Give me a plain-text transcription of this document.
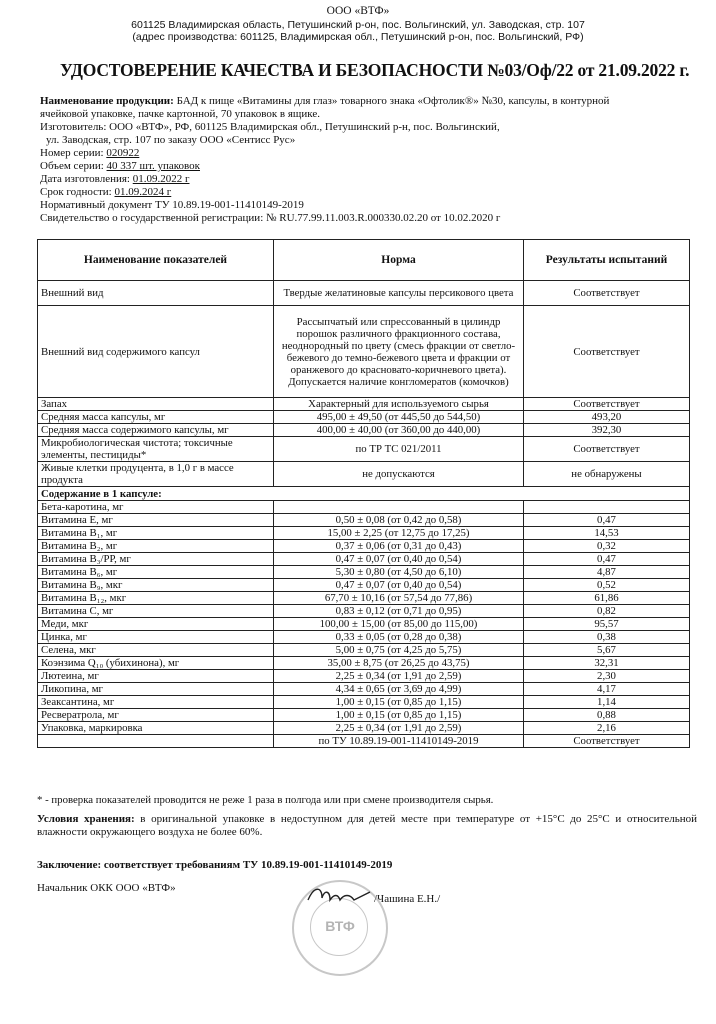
ООО «ВТФ»
601125 Владимирская область, Петушинский р-он, пос. Вольгинский, ул. Заводская, стр. 107
(адрес производства: 601125, Владимирская обл., Петушинский р-он, пос. Вольгинский, РФ)
УДОСТОВЕРЕНИЕ КАЧЕСТВА И БЕЗОПАСНОСТИ №03/Оф/22 от 21.09.2022 г.
Наименование продукции: БАД к пище «Витамины для глаз» товарного знака «Офтолик®» №30, капсулы, в контурной
ячейковой упаковке, пачке картонной, 70 упаковок в ящике.
Изготовитель: ООО «ВТФ», РФ, 601125 Владимирская обл., Петушинский р-н, пос. Вольгинский,
ул. Заводская, стр. 107 по заказу ООО «Сентисс Рус»
Номер серии: 020922
Объем серии: 40 337 шт. упаковок
Дата изготовления: 01.09.2022 г
Срок годности: 01.09.2024 г
Нормативный документ ТУ 10.89.19-001-11410149-2019
Свидетельство о государственной регистрации: № RU.77.99.11.003.R.000330.02.20 от 10.02.2020 г
Наименование показателей	Норма	Результаты испытаний
Внешний вид	Твердые желатиновые капсулы персикового цвета	Соответствует
Внешний вид содержимого капсул	Рассыпчатый или спрессованный в цилиндр порошок различного фракционного состава, неоднородный по цвету (смесь фракции от светло-бежевого до темно-бежевого цвета и фракции от оранжевого до красновато-коричневого цвета). Допускается наличие конгломератов (комочков)	Соответствует
Запах	Характерный для используемого сырья	Соответствует
Средняя масса капсулы, мг	495,00 ± 49,50 (от 445,50 до 544,50)	493,20
Средняя масса содержимого капсулы, мг	400,00 ± 40,00 (от 360,00 до 440,00)	392,30
Микробиологическая чистота; токсичные элементы, пестициды*	по ТР ТС 021/2011	Соответствует
Живые клетки продуцента, в 1,0 г в массе продукта	не допускаются	не обнаружены
Содержание в 1 капсуле:		
Бета-каротина, мг		
Витамина Е, мг	0,50 ± 0,08 (от 0,42 до 0,58)	0,47
Витамина В₁, мг	15,00 ± 2,25 (от 12,75 до 17,25)	14,53
Витамина В₂, мг	0,37 ± 0,06 (от 0,31 до 0,43)	0,32
Витамина В₃/РР, мг	0,47 ± 0,07 (от 0,40 до 0,54)	0,47
Витамина В₆, мг	5,30 ± 0,80 (от 4,50 до 6,10)	4,87
Витамина В₉, мкг	0,47 ± 0,07 (от 0,40 до 0,54)	0,52
Витамина В₁₂, мкг	67,70 ± 10,16 (от 57,54 до 77,86)	61,86
Витамина С, мг	0,83 ± 0,12 (от 0,71 до 0,95)	0,82
Меди, мкг	100,00 ± 15,00 (от 85,00 до 115,00)	95,57
Цинка, мг	0,33 ± 0,05 (от 0,28 до 0,38)	0,38
Селена, мкг	5,00 ± 0,75 (от 4,25 до 5,75)	5,67
Коэнзима Q₁₀ (убихинона), мг	35,00 ± 8,75 (от 26,25 до 43,75)	32,31
Лютеина, мг	2,25 ± 0,34 (от 1,91 до 2,59)	2,30
Ликопина, мг	4,34 ± 0,65 (от 3,69 до 4,99)	4,17
Зеаксантина, мг	1,00 ± 0,15 (от 0,85 до 1,15)	1,14
Ресвератрола, мг	1,00 ± 0,15 (от 0,85 до 1,15)	0,88
Упаковка, маркировка	2,25 ± 0,34 (от 1,91 до 2,59)	2,16
	по ТУ 10.89.19-001-11410149-2019	Соответствует
* - проверка показателей проводится не реже 1 раза в полгода или при смене производителя сырья.
Условия хранения: в оригинальной упаковке в недоступном для детей месте при температуре от +15°С до 25°С и относительной влажности окружающего воздуха не более 60%.
Заключение: соответствует требованиям ТУ 10.89.19-001-11410149-2019
Начальник ОКК ООО «ВТФ»
/Чашина Е.Н./
ВТФ
